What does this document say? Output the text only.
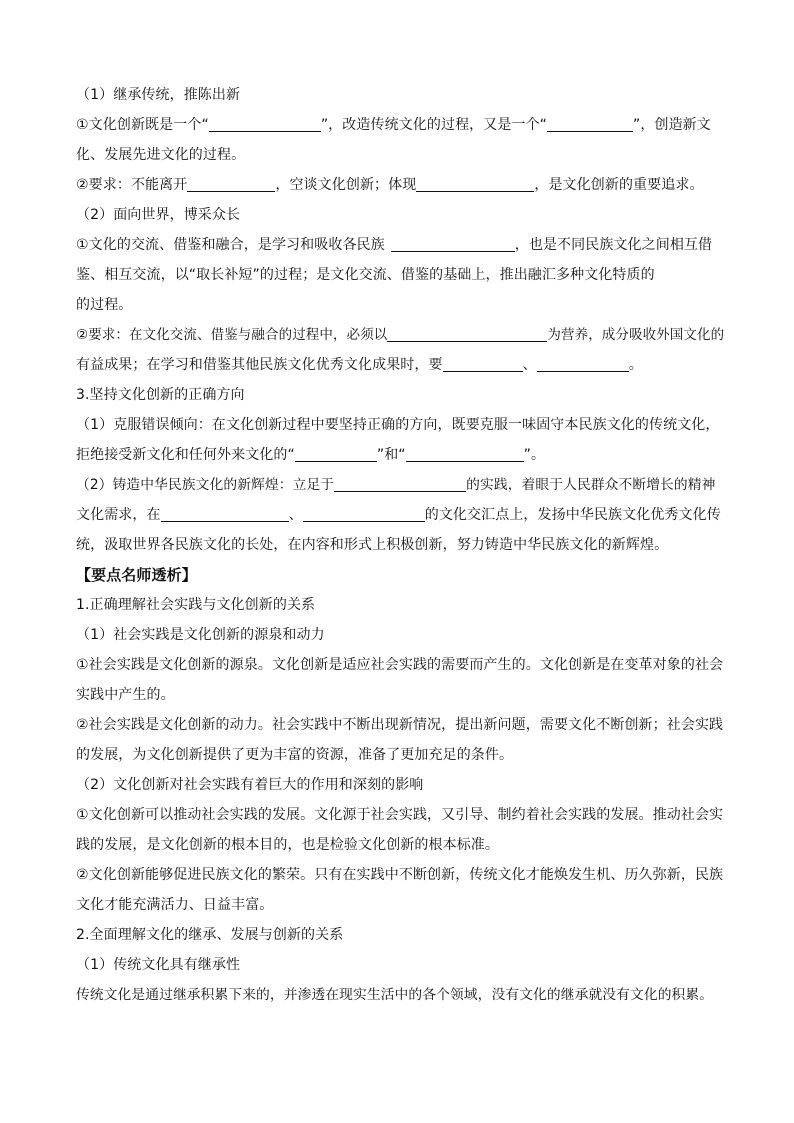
（1）继承传统，推陈出新
①文化创新既是一个“	”，改造传统文化的过程，又是一个“	”，创造新文
化、发展先进文化的过程。
②要求：不能离开	，空谈文化创新；体现	，是文化创新的重要追求。
（2）面向世界，博采众长
①文化的交流、借鉴和融合，是学习和吸收各民族	，也是不同民族文化之间相互借
鉴、相互交流，以“取长补短”的过程；是文化交流、借鉴的基础上，推出融汇多种文化特质的
的过程。
②要求：在文化交流、借鉴与融合的过程中，必须以	为营养，成分吸收外国文化的
有益成果；在学习和借鉴其他民族文化优秀文化成果时，要	、	。
3.坚持文化创新的正确方向
（1）克服错误倾向：在文化创新过程中要坚持正确的方向，既要克服一味固守本民族文化的传统文化，
拒绝接受新文化和任何外来文化的“	”和“	”。
（2）铸造中华民族文化的新辉煌：立足于	的实践，着眼于人民群众不断增长的精神
文化需求，在	、	的文化交汇点上，发扬中华民族文化优秀文化传
统，汲取世界各民族文化的长处，在内容和形式上积极创新，努力铸造中华民族文化的新辉煌。
【要点名师透析】
1.正确理解社会实践与文化创新的关系
（1）社会实践是文化创新的源泉和动力
①社会实践是文化创新的源泉。文化创新是适应社会实践的需要而产生的。文化创新是在变革对象的社会
实践中产生的。
②社会实践是文化创新的动力。社会实践中不断出现新情况，提出新问题，需要文化不断创新；社会实践
的发展，为文化创新提供了更为丰富的资源，准备了更加充足的条件。
（2）文化创新对社会实践有着巨大的作用和深刻的影响
①文化创新可以推动社会实践的发展。文化源于社会实践，又引导、制约着社会实践的发展。推动社会实
践的发展，是文化创新的根本目的，也是检验文化创新的根本标准。
②文化创新能够促进民族文化的繁荣。只有在实践中不断创新，传统文化才能焕发生机、历久弥新，民族
文化才能充满活力、日益丰富。
2.全面理解文化的继承、发展与创新的关系
（1）传统文化具有继承性
传统文化是通过继承积累下来的，并渗透在现实生活中的各个领域，没有文化的继承就没有文化的积累。
